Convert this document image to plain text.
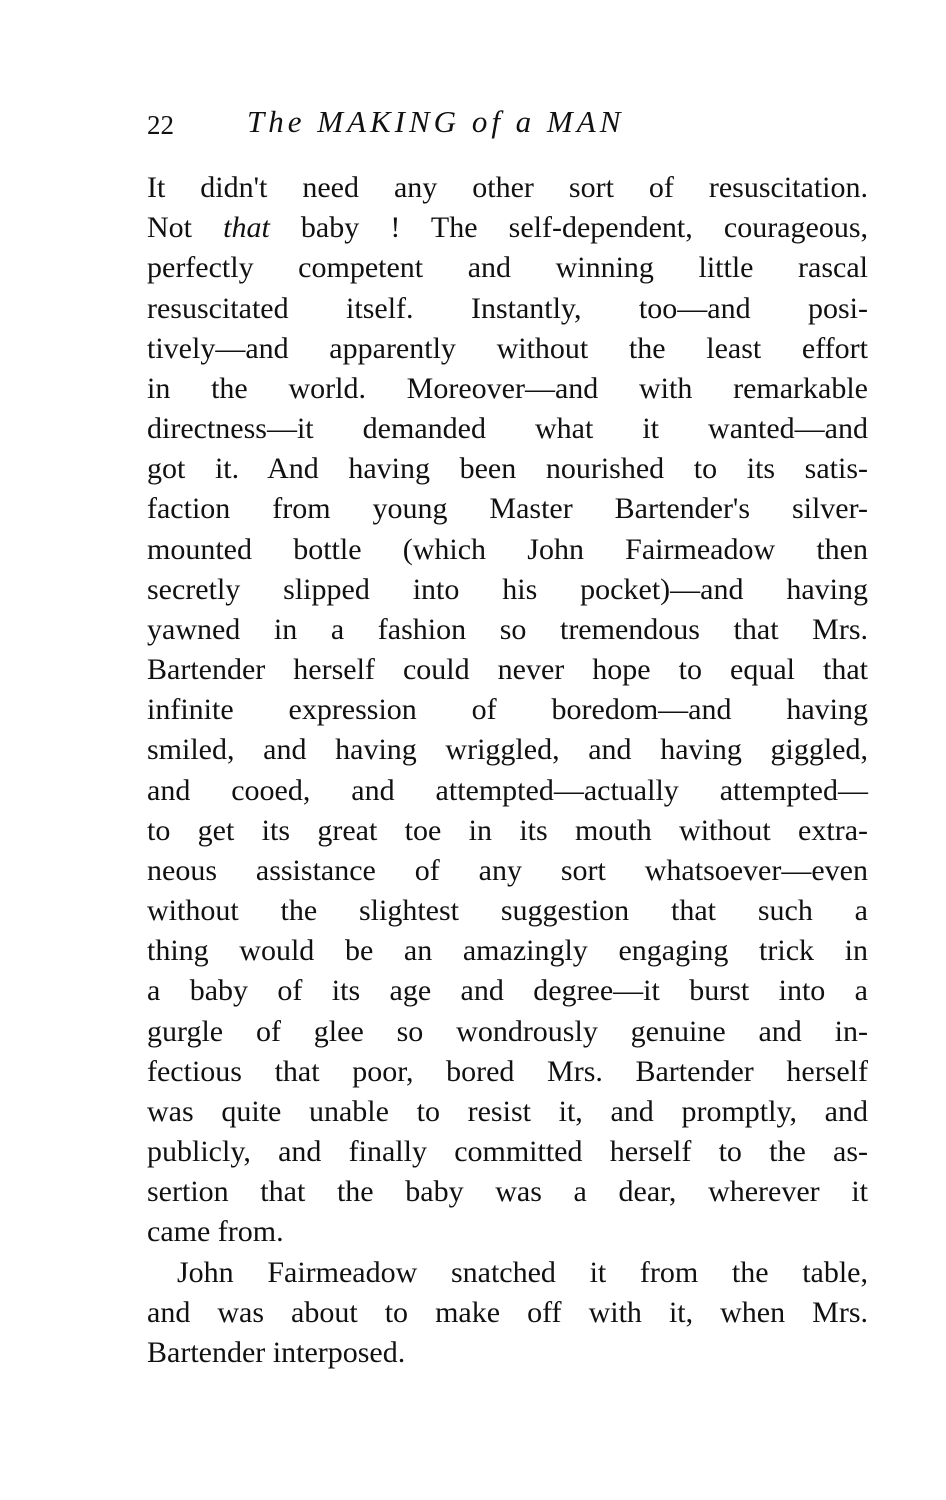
22 The MAKING of a MAN
It didn't need any other sort of resuscitation.
Not that baby ! The self-dependent, courageous,
perfectly competent and winning little rascal
resuscitated itself. Instantly, too—and posi-
tively—and apparently without the least effort
in the world. Moreover—and with remarkable
directness—it demanded what it wanted—and
got it. And having been nourished to its satis-
faction from young Master Bartender's silver-
mounted bottle (which John Fairmeadow then
secretly slipped into his pocket)—and having
yawned in a fashion so tremendous that Mrs.
Bartender herself could never hope to equal that
infinite expression of boredom—and having
smiled, and having wriggled, and having giggled,
and cooed, and attempted—actually attempted—
to get its great toe in its mouth without extra-
neous assistance of any sort whatsoever—even
without the slightest suggestion that such a
thing would be an amazingly engaging trick in
a baby of its age and degree—it burst into a
gurgle of glee so wondrously genuine and in-
fectious that poor, bored Mrs. Bartender herself
was quite unable to resist it, and promptly, and
publicly, and finally committed herself to the as-
sertion that the baby was a dear, wherever it
came from.
John Fairmeadow snatched it from the table,
and was about to make off with it, when Mrs.
Bartender interposed.
